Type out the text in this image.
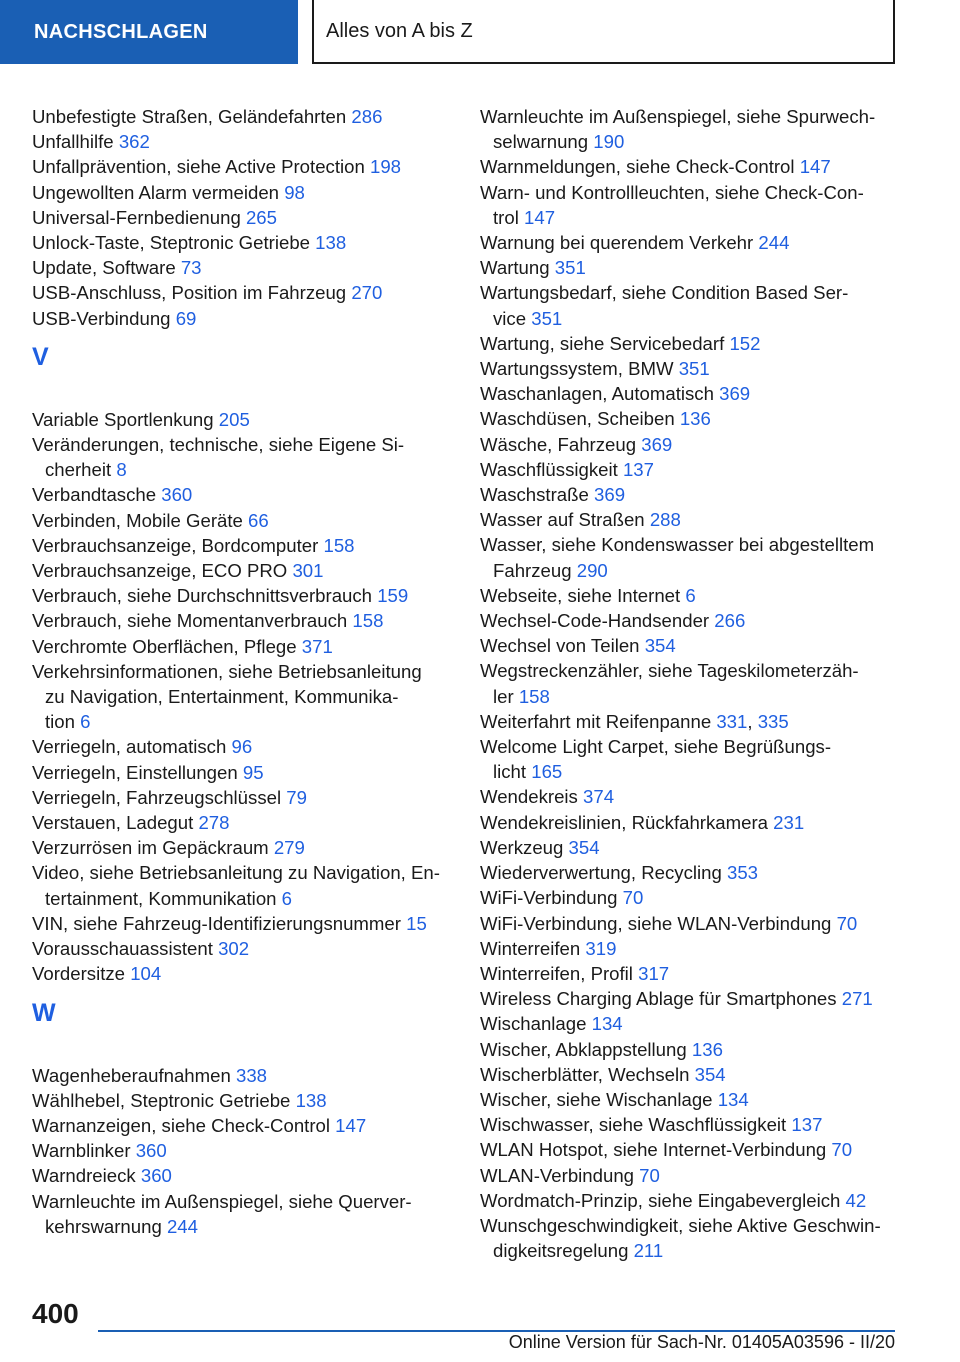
NACHSCHLAGEN	Alles von A bis Z
Unbefestigte Straßen, Geländefahrten 286
Unfallhilfe 362
Unfallprävention, siehe Active Protection 198
Ungewollten Alarm vermeiden 98
Universal-Fernbedienung 265
Unlock-Taste, Steptronic Getriebe 138
Update, Software 73
USB-Anschluss, Position im Fahrzeug 270
USB-Verbindung 69
V
Variable Sportlenkung 205
Veränderungen, technische, siehe Eigene Si-
cherheit 8
Verbandtasche 360
Verbinden, Mobile Geräte 66
Verbrauchsanzeige, Bordcomputer 158
Verbrauchsanzeige, ECO PRO 301
Verbrauch, siehe Durchschnittsverbrauch 159
Verbrauch, siehe Momentanverbrauch 158
Verchromte Oberflächen, Pflege 371
Verkehrsinformationen, siehe Betriebsanleitung
zu Navigation, Entertainment, Kommunika-
tion 6
Verriegeln, automatisch 96
Verriegeln, Einstellungen 95
Verriegeln, Fahrzeugschlüssel 79
Verstauen, Ladegut 278
Verzurrösen im Gepäckraum 279
Video, siehe Betriebsanleitung zu Navigation, En-
tertainment, Kommunikation 6
VIN, siehe Fahrzeug-Identifizierungsnummer 15
Vorausschauassistent 302
Vordersitze 104
W
Wagenheberaufnahmen 338
Wählhebel, Steptronic Getriebe 138
Warnanzeigen, siehe Check-Control 147
Warnblinker 360
Warndreieck 360
Warnleuchte im Außenspiegel, siehe Querver-
kehrswarnung 244
Warnleuchte im Außenspiegel, siehe Spurwech-
selwarnung 190
Warnmeldungen, siehe Check-Control 147
Warn- und Kontrollleuchten, siehe Check-Con-
trol 147
Warnung bei querendem Verkehr 244
Wartung 351
Wartungsbedarf, siehe Condition Based Ser-
vice 351
Wartung, siehe Servicebedarf 152
Wartungssystem, BMW 351
Waschanlagen, Automatisch 369
Waschdüsen, Scheiben 136
Wäsche, Fahrzeug 369
Waschflüssigkeit 137
Waschstraße 369
Wasser auf Straßen 288
Wasser, siehe Kondenswasser bei abgestelltem
Fahrzeug 290
Webseite, siehe Internet 6
Wechsel-Code-Handsender 266
Wechsel von Teilen 354
Wegstreckenzähler, siehe Tageskilometerzäh-
ler 158
Weiterfahrt mit Reifenpanne 331, 335
Welcome Light Carpet, siehe Begrüßungs-
licht 165
Wendekreis 374
Wendekreislinien, Rückfahrkamera 231
Werkzeug 354
Wiederverwertung, Recycling 353
WiFi-Verbindung 70
WiFi-Verbindung, siehe WLAN-Verbindung 70
Winterreifen 319
Winterreifen, Profil 317
Wireless Charging Ablage für Smartphones 271
Wischanlage 134
Wischer, Abklappstellung 136
Wischerblätter, Wechseln 354
Wischer, siehe Wischanlage 134
Wischwasser, siehe Waschflüssigkeit 137
WLAN Hotspot, siehe Internet-Verbindung 70
WLAN-Verbindung 70
Wordmatch-Prinzip, siehe Eingabevergleich 42
Wunschgeschwindigkeit, siehe Aktive Geschwin-
digkeitsregelung 211
400
Online Version für Sach-Nr. 01405A03596 - II/20
